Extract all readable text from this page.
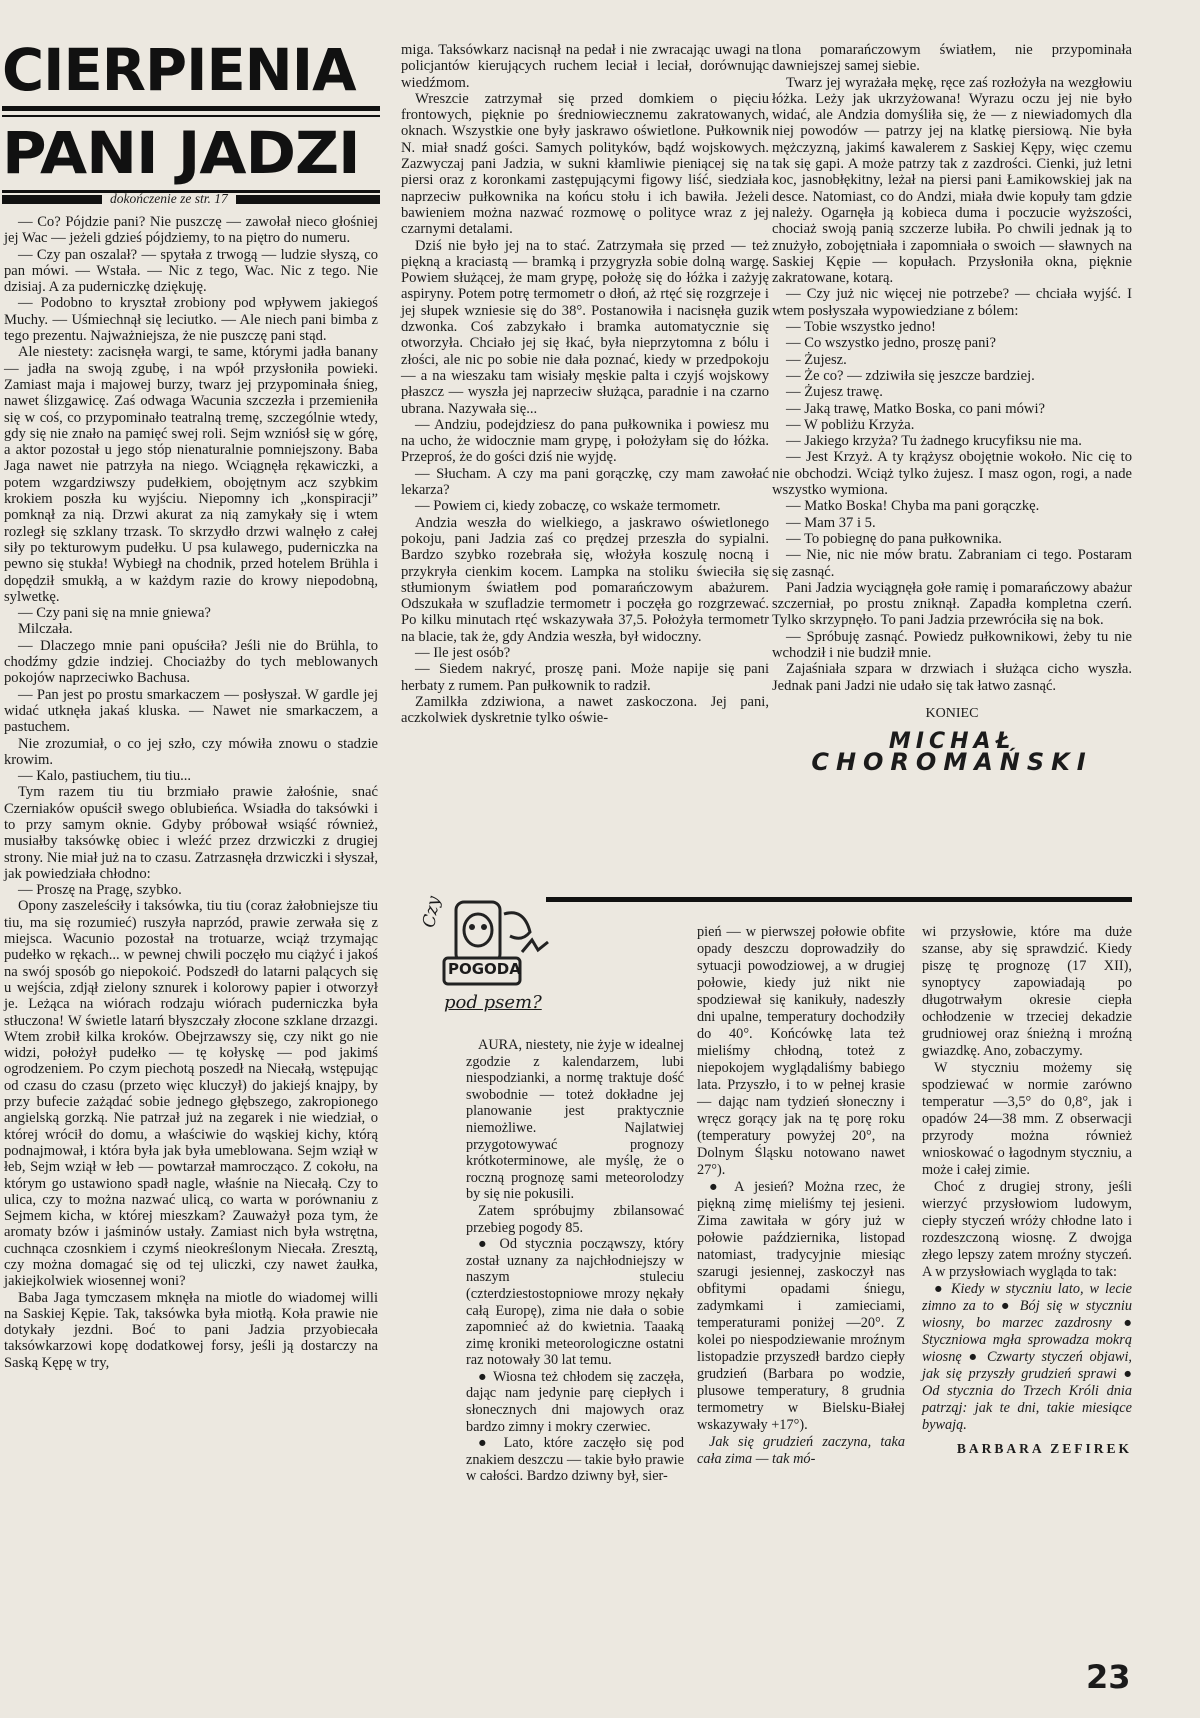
CIERPIENIA
PANI JADZI
dokończenie ze str. 17

— Co? Pójdzie pani? Nie puszczę — zawołał nieco głośniej jej Wac — jeżeli gdzieś pójdziemy, to na piętro do numeru.

— Czy pan oszalał? — spytała z trwogą — ludzie słyszą, co pan mówi. — Wstała. — Nic z tego, Wac. Nic z tego. Nie dzisiaj. A za puderniczkę dziękuję.

— Podobno to kryształ zrobiony pod wpływem jakiegoś Muchy. — Uśmiechnął się leciutko. — Ale niech pani bimba z tego prezentu. Najważniejsza, że nie puszczę pani stąd.

Ale niestety: zacisnęła wargi, te same, którymi jadła banany — jadła na swoją zgubę, i na wpół przysłoniła powieki. Zamiast maja i majowej burzy, twarz jej przypominała śnieg, nawet ślizgawicę. Zaś odwaga Wacunia szczezła i przemieniła się w coś, co przypominało teatralną tremę, szczególnie wtedy, gdy się nie znało na pamięć swej roli. Sejm wzniósł się w górę, a aktor pozostał u jego stóp nienaturalnie pomniejszony. Baba Jaga nawet nie patrzyła na niego. Wciągnęła rękawiczki, a potem wzgardziwszy pudełkiem, obojętnym acz szybkim krokiem poszła ku wyjściu. Niepomny ich „konspiracji” pomknął za nią. Drzwi akurat za nią zamykały się i wtem rozległ się szklany trzask. To skrzydło drzwi walnęło z całej siły po tekturowym pudełku. U psa kulawego, puderniczka na pewno się stukła! Wybiegł na chodnik, przed hotelem Brühla i dopędził smukłą, a w każdym razie do krowy niepodobną, sylwetkę.

— Czy pani się na mnie gniewa?

Milczała.

— Dlaczego mnie pani opuściła? Jeśli nie do Brühla, to chodźmy gdzie indziej. Chociażby do tych meblowanych pokojów naprzeciwko Bachusa.

— Pan jest po prostu smarkaczem — posłyszał. W gardle jej widać utknęła jakaś kluska. — Nawet nie smarkaczem, a pastuchem.

Nie zrozumiał, o co jej szło, czy mówiła znowu o stadzie krowim.

— Kalo, pastiuchem, tiu tiu...

Tym razem tiu tiu brzmiało prawie żałośnie, snać Czerniaków opuścił swego oblubieńca. Wsiadła do taksówki i to przy samym oknie. Gdyby próbował wsiąść również, musiałby taksówkę obiec i wleźć przez drzwiczki z drugiej strony. Nie miał już na to czasu. Zatrzasnęła drzwiczki i słyszał, jak powiedziała chłodno:

— Proszę na Pragę, szybko.

Opony zaszeleściły i taksówka, tiu tiu (coraz żałobniejsze tiu tiu, ma się rozumieć) ruszyła naprzód, prawie zerwała się z miejsca. Wacunio pozostał na trotuarze, wciąż trzymając pudełko w rękach... w pewnej chwili poczęło mu ciążyć i jakoś na swój sposób go niepokoić. Podszedł do latarni palących się u wejścia, zdjął zielony sznurek i kolorowy papier i otworzył je. Leżąca na wiórach rodzaju wiórach puderniczka była stłuczona! W świetle latarń błyszczały złocone szklane drzazgi. Wtem zrobił kilka kroków. Obejrzawszy się, czy nikt go nie widzi, położył pudełko — tę kołyskę — pod jakimś ogrodzeniem. Po czym piechotą poszedł na Niecałą, wstępując od czasu do czasu (przeto więc kluczył) do jakiejś knajpy, by przy bufecie zażądać sobie jednego głębszego, zakropionego angielską gorzką. Nie patrzał już na zegarek i nie wiedział, o której wrócił do domu, a właściwie do wąskiej kichy, którą podnajmował, i która była jak była umeblowana. Sejm wziął w łeb, Sejm wziął w łeb — powtarzał mamrocząco. Z cokołu, na którym go ustawiono spadł nagle, właśnie na Niecałą. Czy to ulica, czy to można nazwać ulicą, co warta w porównaniu z Sejmem kicha, w której mieszkam? Zauważył poza tym, że aromaty bzów i jaśminów ustały. Zamiast nich była wstrętna, cuchnąca czosnkiem i czymś nieokreślonym Niecała. Zresztą, czy można domagać się od tej uliczki, czy nawet żaułka, jakiejkolwiek wiosennej woni?

Baba Jaga tymczasem mknęła na miotle do wiadomej willi na Saskiej Kępie. Tak, taksówka była miotłą. Koła prawie nie dotykały jezdni. Boć to pani Jadzia przyobiecała taksówkarzowi kopę dodatkowej forsy, jeśli ją dostarczy na Saską Kępę w try,

miga. Taksówkarz nacisnął na pedał i nie zwracając uwagi na policjantów kierujących ruchem leciał i leciał, dorównując wiedźmom.

Wreszcie zatrzymał się przed domkiem o pięciu frontowych, pięknie po średniowiecznemu zakratowanych, oknach. Wszystkie one były jaskrawo oświetlone. Pułkownik N. miał snadź gości. Samych polityków, bądź wojskowych. Zazwyczaj pani Jadzia, w sukni kłamliwie pieniącej się na piersi oraz z koronkami zastępującymi figowy liść, siedziała naprzeciw pułkownika na końcu stołu i ich bawiła. Jeżeli bawieniem można nazwać rozmowę o polityce wraz z jej czarnymi detalami.

Dziś nie było jej na to stać. Zatrzymała się przed — też piękną a kraciastą — bramką i przygryzła sobie dolną wargę. Powiem służącej, że mam grypę, położę się do łóżka i zażyję aspiryny. Potem potrę termometr o dłoń, aż rtęć się rozgrzeje i jej słupek wzniesie się do 38°. Postanowiła i nacisnęła guzik dzwonka. Coś zabzykało i bramka automatycznie się otworzyła. Chciało jej się łkać, była nieprzytomna z bólu i złości, ale nic po sobie nie dała poznać, kiedy w przedpokoju — a na wieszaku tam wisiały męskie palta i czyjś wojskowy płaszcz — wyszła jej naprzeciw służąca, paradnie i na czarno ubrana. Nazywała się...

— Andziu, podejdziesz do pana pułkownika i powiesz mu na ucho, że widocznie mam grypę, i położyłam się do łóżka. Przeproś, że do gości dziś nie wyjdę.

— Słucham. A czy ma pani gorączkę, czy mam zawołać lekarza?

— Powiem ci, kiedy zobaczę, co wskaże termometr.

Andzia weszła do wielkiego, a jaskrawo oświetlonego pokoju, pani Jadzia zaś co prędzej przeszła do sypialni. Bardzo szybko rozebrała się, włożyła koszulę nocną i przykryła cienkim kocem. Lampka na stoliku świeciła się stłumionym światłem pod pomarańczowym abażurem. Odszukała w szufladzie termometr i poczęła go rozgrzewać. Po kilku minutach rtęć wskazywała 37,5. Położyła termometr na blacie, tak że, gdy Andzia weszła, był widoczny.

— Ile jest osób?

— Siedem nakryć, proszę pani. Może napije się pani herbaty z rumem. Pan pułkownik to radził.

Zamilkła zdziwiona, a nawet zaskoczona. Jej pani, aczkolwiek dyskretnie tylko oświe-

tlona pomarańczowym światłem, nie przypominała dawniejszej samej siebie.

Twarz jej wyrażała mękę, ręce zaś rozłożyła na wezgłowiu łóżka. Leży jak ukrzyżowana! Wyrazu oczu jej nie było widać, ale Andzia domyśliła się, że — z niewiadomych dla niej powodów — patrzy jej na klatkę piersiową. Nie była mężczyzną, jakimś kawalerem z Saskiej Kępy, więc czemu tak się gapi. A może patrzy tak z zazdrości. Cienki, już letni koc, jasnobłękitny, leżał na piersi pani Łamikowskiej jak na desce. Natomiast, co do Andzi, miała dwie kopuły tam gdzie należy. Ogarnęła ją kobieca duma i poczucie wyższości, chociaż swoją panią szczerze lubiła. Po chwili jednak ją to znużyło, zobojętniała i zapomniała o swoich — sławnych na Saskiej Kępie — kopułach. Przysłoniła okna, pięknie zakratowane, kotarą.

— Czy już nic więcej nie potrzebe? — chciała wyjść. I wtem posłyszała wypowiedziane z bólem:

— Tobie wszystko jedno!

— Co wszystko jedno, proszę pani?

— Żujesz.

— Że co? — zdziwiła się jeszcze bardziej.

— Żujesz trawę.

— Jaką trawę, Matko Boska, co pani mówi?

— W pobliżu Krzyża.

— Jakiego krzyża? Tu żadnego krucyfiksu nie ma.

— Jest Krzyż. A ty krążysz obojętnie wokoło. Nic cię to nie obchodzi. Wciąż tylko żujesz. I masz ogon, rogi, a nade wszystko wymiona.

— Matko Boska! Chyba ma pani gorączkę.

— Mam 37 i 5.

— To pobiegnę do pana pułkownika.

— Nie, nic nie mów bratu. Zabraniam ci tego. Postaram się zasnąć.

Pani Jadzia wyciągnęła gołe ramię i pomarańczowy abażur szczerniał, po prostu zniknął. Zapadła kompletna czerń. Tylko skrzypnęło. To pani Jadzia przewróciła się na bok.

— Spróbuję zasnąć. Powiedz pułkownikowi, żeby tu nie wchodził i nie budził mnie.

Zajaśniała szpara w drzwiach i służąca cicho wyszła. Jednak pani Jadzi nie udało się tak łatwo zasnąć.

KONIEC
MICHAŁ
CHOROMAŃSKI
Czy
POGODA
pod psem?

AURA, niestety, nie żyje w idealnej zgodzie z kalendarzem, lubi niespodzianki, a normę traktuje dość swobodnie — toteż dokładne jej planowanie jest praktycznie niemożliwe. Najlatwiej przygotowywać prognozy krótkoterminowe, ale myślę, że o roczną prognozę sami meteorolodzy by się nie pokusili.

Zatem spróbujmy zbilansować przebieg pogody 85.

● Od stycznia począwszy, który został uznany za najchłodniejszy w naszym stuleciu (czterdziestostopniowe mrozy nękały całą Europę), zima nie dała o sobie zapomnieć aż do kwietnia. Taaaką zimę kroniki meteorologiczne ostatni raz notowały 30 lat temu.

● Wiosna też chłodem się zaczęła, dając nam jedynie parę ciepłych i słonecznych dni majowych oraz bardzo zimny i mokry czerwiec.

● Lato, które zaczęło się pod znakiem deszczu — takie było prawie w całości. Bardzo dziwny był, sier-

pień — w pierwszej połowie obfite opady deszczu doprowadziły do sytuacji powodziowej, a w drugiej połowie, kiedy już nikt nie spodziewał się kanikuły, nadeszły dni upalne, temperatury dochodziły do 40°. Końcówkę lata też mieliśmy chłodną, toteż z niepokojem wyglądaliśmy babiego lata. Przyszło, i to w pełnej krasie — dając nam tydzień słoneczny i wręcz gorący jak na tę porę roku (temperatury powyżej 20°, na Dolnym Śląsku notowano nawet 27°).

● A jesień? Można rzec, że piękną zimę mieliśmy tej jesieni. Zima zawitała w góry już w połowie października, listopad natomiast, tradycyjnie miesiąc szarugi jesiennej, zaskoczył nas obfitymi opadami śniegu, zadymkami i zamieciami, temperaturami poniżej —20°. Z kolei po niespodziewanie mroźnym listopadzie przyszedł bardzo ciepły grudzień (Barbara po wodzie, plusowe temperatury, 8 grudnia termometry w Bielsku-Białej wskazywały +17°).

Jak się grudzień zaczyna, taka cała zima — tak mó-

wi przysłowie, które ma duże szanse, aby się sprawdzić. Kiedy piszę tę prognozę (17 XII), synoptycy zapowiadają po długotrwałym okresie ciepła ochłodzenie w trzeciej dekadzie grudniowej oraz śnieżną i mroźną gwiazdkę. Ano, zobaczymy.

W styczniu możemy się spodziewać w normie zarówno temperatur —3,5° do 0,8°, jak i opadów 24—38 mm. Z obserwacji przyrody można również wnioskować o łagodnym styczniu, a może i całej zimie.

Choć z drugiej strony, jeśli wierzyć przysłowiom ludowym, ciepły styczeń wróży chłodne lato i rozdeszczoną wiosnę. Z dwojga złego lepszy zatem mroźny styczeń. A w przysłowiach wygląda to tak:

● Kiedy w styczniu lato, w lecie zimno za to ● Bój się w styczniu wiosny, bo marzec zazdrosny ● Styczniowa mgła sprowadza mokrą wiosnę ● Czwarty styczeń objawi, jak się przyszły grudzień sprawi ● Od stycznia do Trzech Króli dnia patrząj: jak te dni, takie miesiące bywają.

BARBARA ZEFIREK
23
